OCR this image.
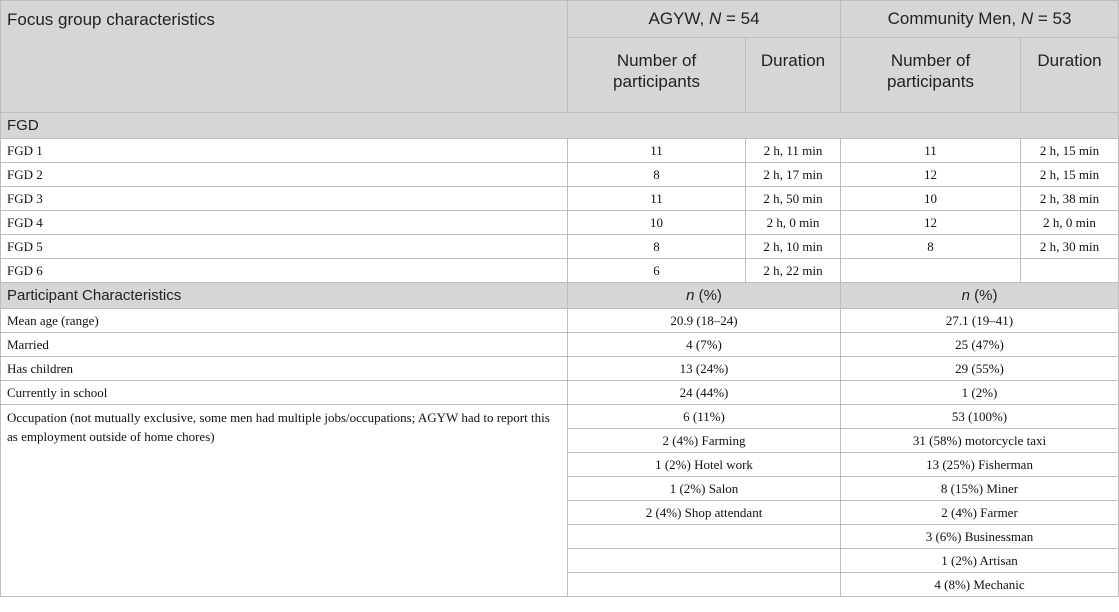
Focus group characteristics	AGYW, N = 54		Community Men, N = 53	
	Number of participants	Duration	Number of participants	Duration
FGD				
FGD 1	11	2 h, 11 min	11	2 h, 15 min
FGD 2	8	2 h, 17 min	12	2 h, 15 min
FGD 3	11	2 h, 50 min	10	2 h, 38 min
FGD 4	10	2 h, 0 min	12	2 h, 0 min
FGD 5	8	2 h, 10 min	8	2 h, 30 min
FGD 6	6	2 h, 22 min		
Participant Characteristics	n (%)		n (%)	
Mean age (range)	20.9 (18–24)		27.1 (19–41)	
Married	4 (7%)		25 (47%)	
Has children	13 (24%)		29 (55%)	
Currently in school	24 (44%)		1 (2%)	
Occupation (not mutually exclusive, some men had multiple jobs/occupations; AGYW had to report this as employment outside of home chores)	6 (11%)		53 (100%)	
	2 (4%) Farming		31 (58%) motorcycle taxi	
	1 (2%) Hotel work		13 (25%) Fisherman	
	1 (2%) Salon		8 (15%) Miner	
	2 (4%) Shop attendant		2 (4%) Farmer	
			3 (6%) Businessman	
			1 (2%) Artisan	
			4 (8%) Mechanic	
